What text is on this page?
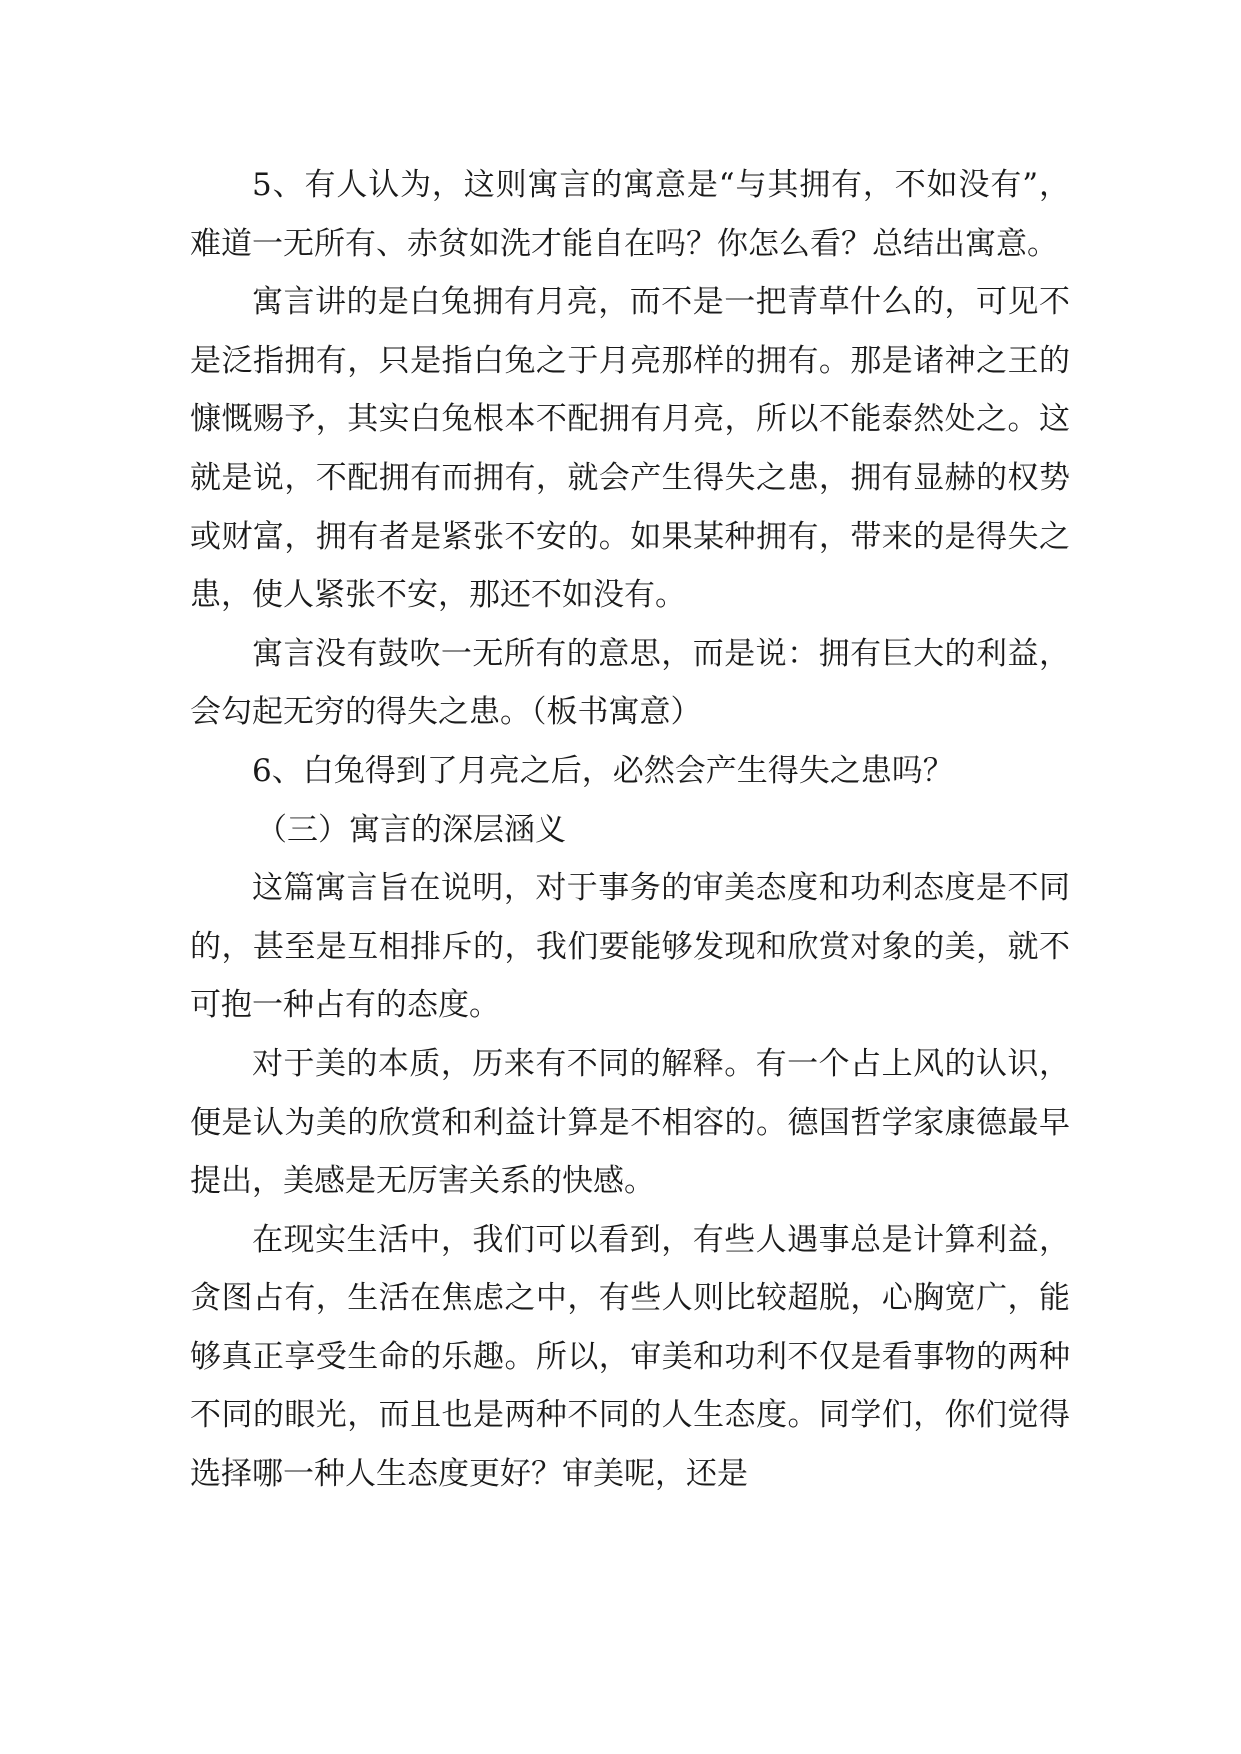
5、有人认为，这则寓言的寓意是“与其拥有，不如没有”，难道一无所有、赤贫如洗才能自在吗？你怎么看？总结出寓意。

寓言讲的是白兔拥有月亮，而不是一把青草什么的，可见不是泛指拥有，只是指白兔之于月亮那样的拥有。那是诸神之王的慷慨赐予，其实白兔根本不配拥有月亮，所以不能泰然处之。这就是说，不配拥有而拥有，就会产生得失之患，拥有显赫的权势或财富，拥有者是紧张不安的。如果某种拥有，带来的是得失之患，使人紧张不安，那还不如没有。

寓言没有鼓吹一无所有的意思，而是说：拥有巨大的利益，会勾起无穷的得失之患。（板书寓意）

6、白兔得到了月亮之后，必然会产生得失之患吗？

（三）寓言的深层涵义

这篇寓言旨在说明，对于事务的审美态度和功利态度是不同的，甚至是互相排斥的，我们要能够发现和欣赏对象的美，就不可抱一种占有的态度。

对于美的本质，历来有不同的解释。有一个占上风的认识，便是认为美的欣赏和利益计算是不相容的。德国哲学家康德最早提出，美感是无厉害关系的快感。

在现实生活中，我们可以看到，有些人遇事总是计算利益，贪图占有，生活在焦虑之中，有些人则比较超脱，心胸宽广，能够真正享受生命的乐趣。所以，审美和功利不仅是看事物的两种不同的眼光，而且也是两种不同的人生态度。同学们，你们觉得选择哪一种人生态度更好？审美呢，还是
